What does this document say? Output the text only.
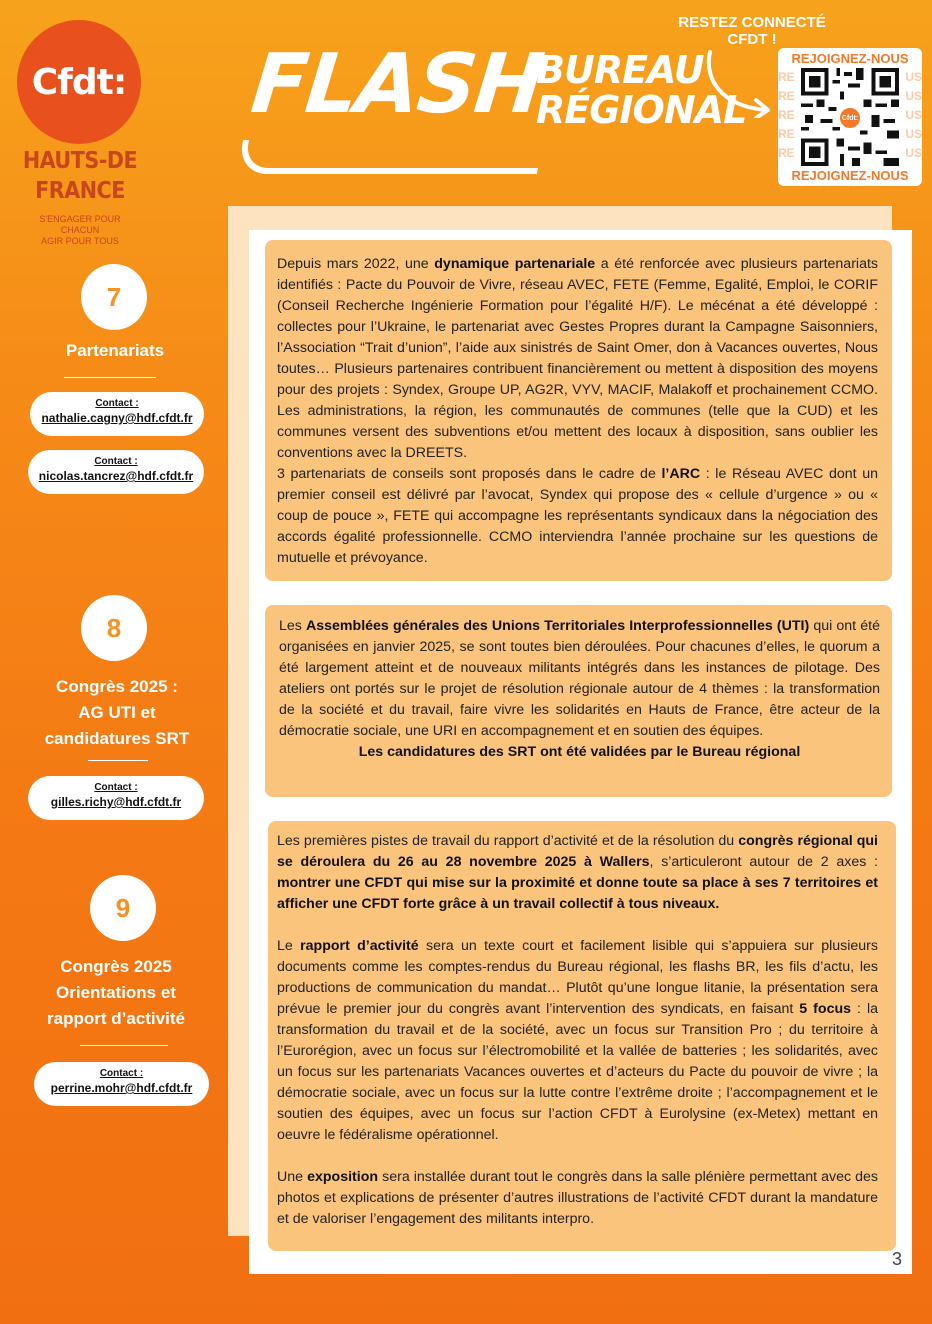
Cfdt:
HAUTS-DE
FRANCE
S'ENGAGER POUR CHACUN
AGIR POUR TOUS
FLASH
BUREAU
RÉGIONAL
RESTEZ CONNECTÉ
CFDT !
REJOIGNEZ-NOUS
RE
RE
RE
RE
RE
US
US
US
US
US
Cfdt:
REJOIGNEZ-NOUS
7
Partenariats
Contact :
nathalie.cagny@hdf.cfdt.fr
Contact :
nicolas.tancrez@hdf.cfdt.fr
8
Congrès 2025 :
AG UTI et
candidatures SRT
Contact :
gilles.richy@hdf.cfdt.fr
9
Congrès 2025
Orientations et
rapport d’activité
Contact :
perrine.mohr@hdf.cfdt.fr

Depuis mars 2022, une dynamique partenariale a été renforcée avec plusieurs partenariats identifiés : Pacte du Pouvoir de Vivre, réseau AVEC, FETE (Femme, Egalité, Emploi, le CORIF (Conseil Recherche Ingénierie Formation pour l’égalité H/F). Le mécénat a été développé : collectes pour l’Ukraine, le partenariat avec Gestes Propres durant la Campagne Saisonniers, l’Association “Trait d’union”, l’aide aux sinistrés de Saint Omer, don à Vacances ouvertes, Nous toutes… Plusieurs partenaires contribuent financièrement ou mettent à disposition des moyens pour des projets : Syndex, Groupe UP, AG2R, VYV, MACIF, Malakoff et prochainement CCMO. Les administrations, la région, les communautés de communes (telle que la CUD) et les communes versent des subventions et/ou mettent des locaux à disposition, sans oublier les conventions avec la DREETS.

3 partenariats de conseils sont proposés dans le cadre de l’ARC : le Réseau AVEC dont un premier conseil est délivré par l’avocat, Syndex qui propose des « cellule d’urgence » ou « coup de pouce », FETE qui accompagne les représentants syndicaux dans la négociation des accords égalité professionnelle. CCMO interviendra l’année prochaine sur les questions de mutuelle et prévoyance.

Les Assemblées générales des Unions Territoriales Interprofessionnelles (UTI) qui ont été organisées en janvier 2025, se sont toutes bien déroulées. Pour chacunes d’elles, le quorum a été largement atteint et de nouveaux militants intégrés dans les instances de pilotage. Des ateliers ont portés sur le projet de résolution régionale autour de 4 thèmes : la transformation de la société et du travail, faire vivre les solidarités en Hauts de France, être acteur de la démocratie sociale, une URI en accompagnement et en soutien des équipes.

Les candidatures des SRT ont été validées par le Bureau régional

Les premières pistes de travail du rapport d’activité et de la résolution du congrès régional qui se déroulera du 26 au 28 novembre 2025 à Wallers, s’articuleront autour de 2 axes : montrer une CFDT qui mise sur la proximité et donne toute sa place à ses 7 territoires et afficher une CFDT forte grâce à un travail collectif à tous niveaux.

Le rapport d’activité sera un texte court et facilement lisible qui s’appuiera sur plusieurs documents comme les comptes-rendus du Bureau régional, les flashs BR, les fils d’actu, les productions de communication du mandat… Plutôt qu’une longue litanie, la présentation sera prévue le premier jour du congrès avant l’intervention des syndicats, en faisant 5 focus : la transformation du travail et de la société, avec un focus sur Transition Pro ; du territoire à l’Eurorégion, avec un focus sur l’électromobilité et la vallée de batteries ; les solidarités, avec un focus sur les partenariats Vacances ouvertes et d’acteurs du Pacte du pouvoir de vivre ; la démocratie sociale, avec un focus sur la lutte contre l’extrême droite ; l’accompagnement et le soutien des équipes, avec un focus sur l’action CFDT à Eurolysine (ex-Metex) mettant en oeuvre le fédéralisme opérationnel.

Une exposition sera installée durant tout le congrès dans la salle plénière permettant avec des photos et explications de présenter d’autres illustrations de l’activité CFDT durant la mandature et de valoriser l’engagement des militants interpro.

3
